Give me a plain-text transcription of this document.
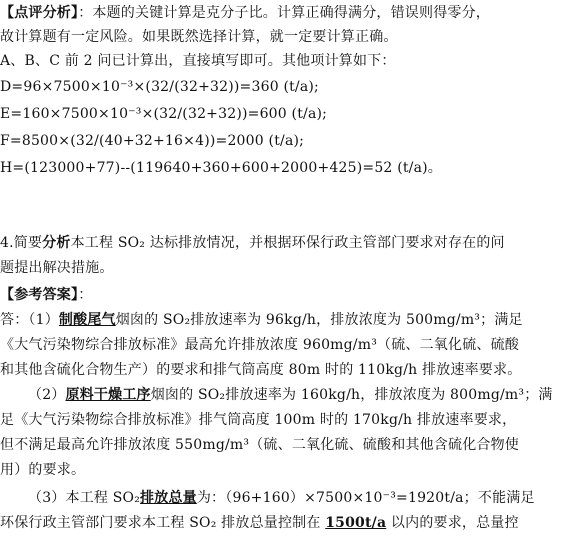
【点评分析】：本题的关键计算是克分子比。计算正确得满分，错误则得零分，
故计算题有一定风险。如果既然选择计算，就一定要计算正确。
A、B、C 前 2 问已计算出，直接填写即可。其他项计算如下：
D=96×7500×10⁻³×(32/(32+32))=360 (t/a);
E=160×7500×10⁻³×(32/(32+32))=600 (t/a);
F=8500×(32/(40+32+16×4))=2000 (t/a);
H=(123000+77)--(119640+360+600+2000+425)=52 (t/a)。
4.简要分析本工程 SO₂ 达标排放情况，并根据环保行政主管部门要求对存在的问
题提出解决措施。
【参考答案】：
答：（1）制酸尾气烟囱的 SO₂排放速率为 96kg/h，排放浓度为 500mg/m³；满足
《大气污染物综合排放标准》最高允许排放浓度 960mg/m³（硫、二氧化硫、硫酸
和其他含硫化合物生产）的要求和排气筒高度 80m 时的 110kg/h 排放速率要求。
（2）原料干燥工序烟囱的 SO₂排放速率为 160kg/h，排放浓度为 800mg/m³；满
足《大气污染物综合排放标准》排气筒高度 100m 时的 170kg/h 排放速率要求，
但不满足最高允许排放浓度 550mg/m³（硫、二氧化硫、硫酸和其他含硫化合物使
用）的要求。
（3）本工程 SO₂排放总量为：（96+160）×7500×10⁻³=1920t/a；不能满足
环保行政主管部门要求本工程 SO₂ 排放总量控制在 1500t/a 以内的要求，总量控
